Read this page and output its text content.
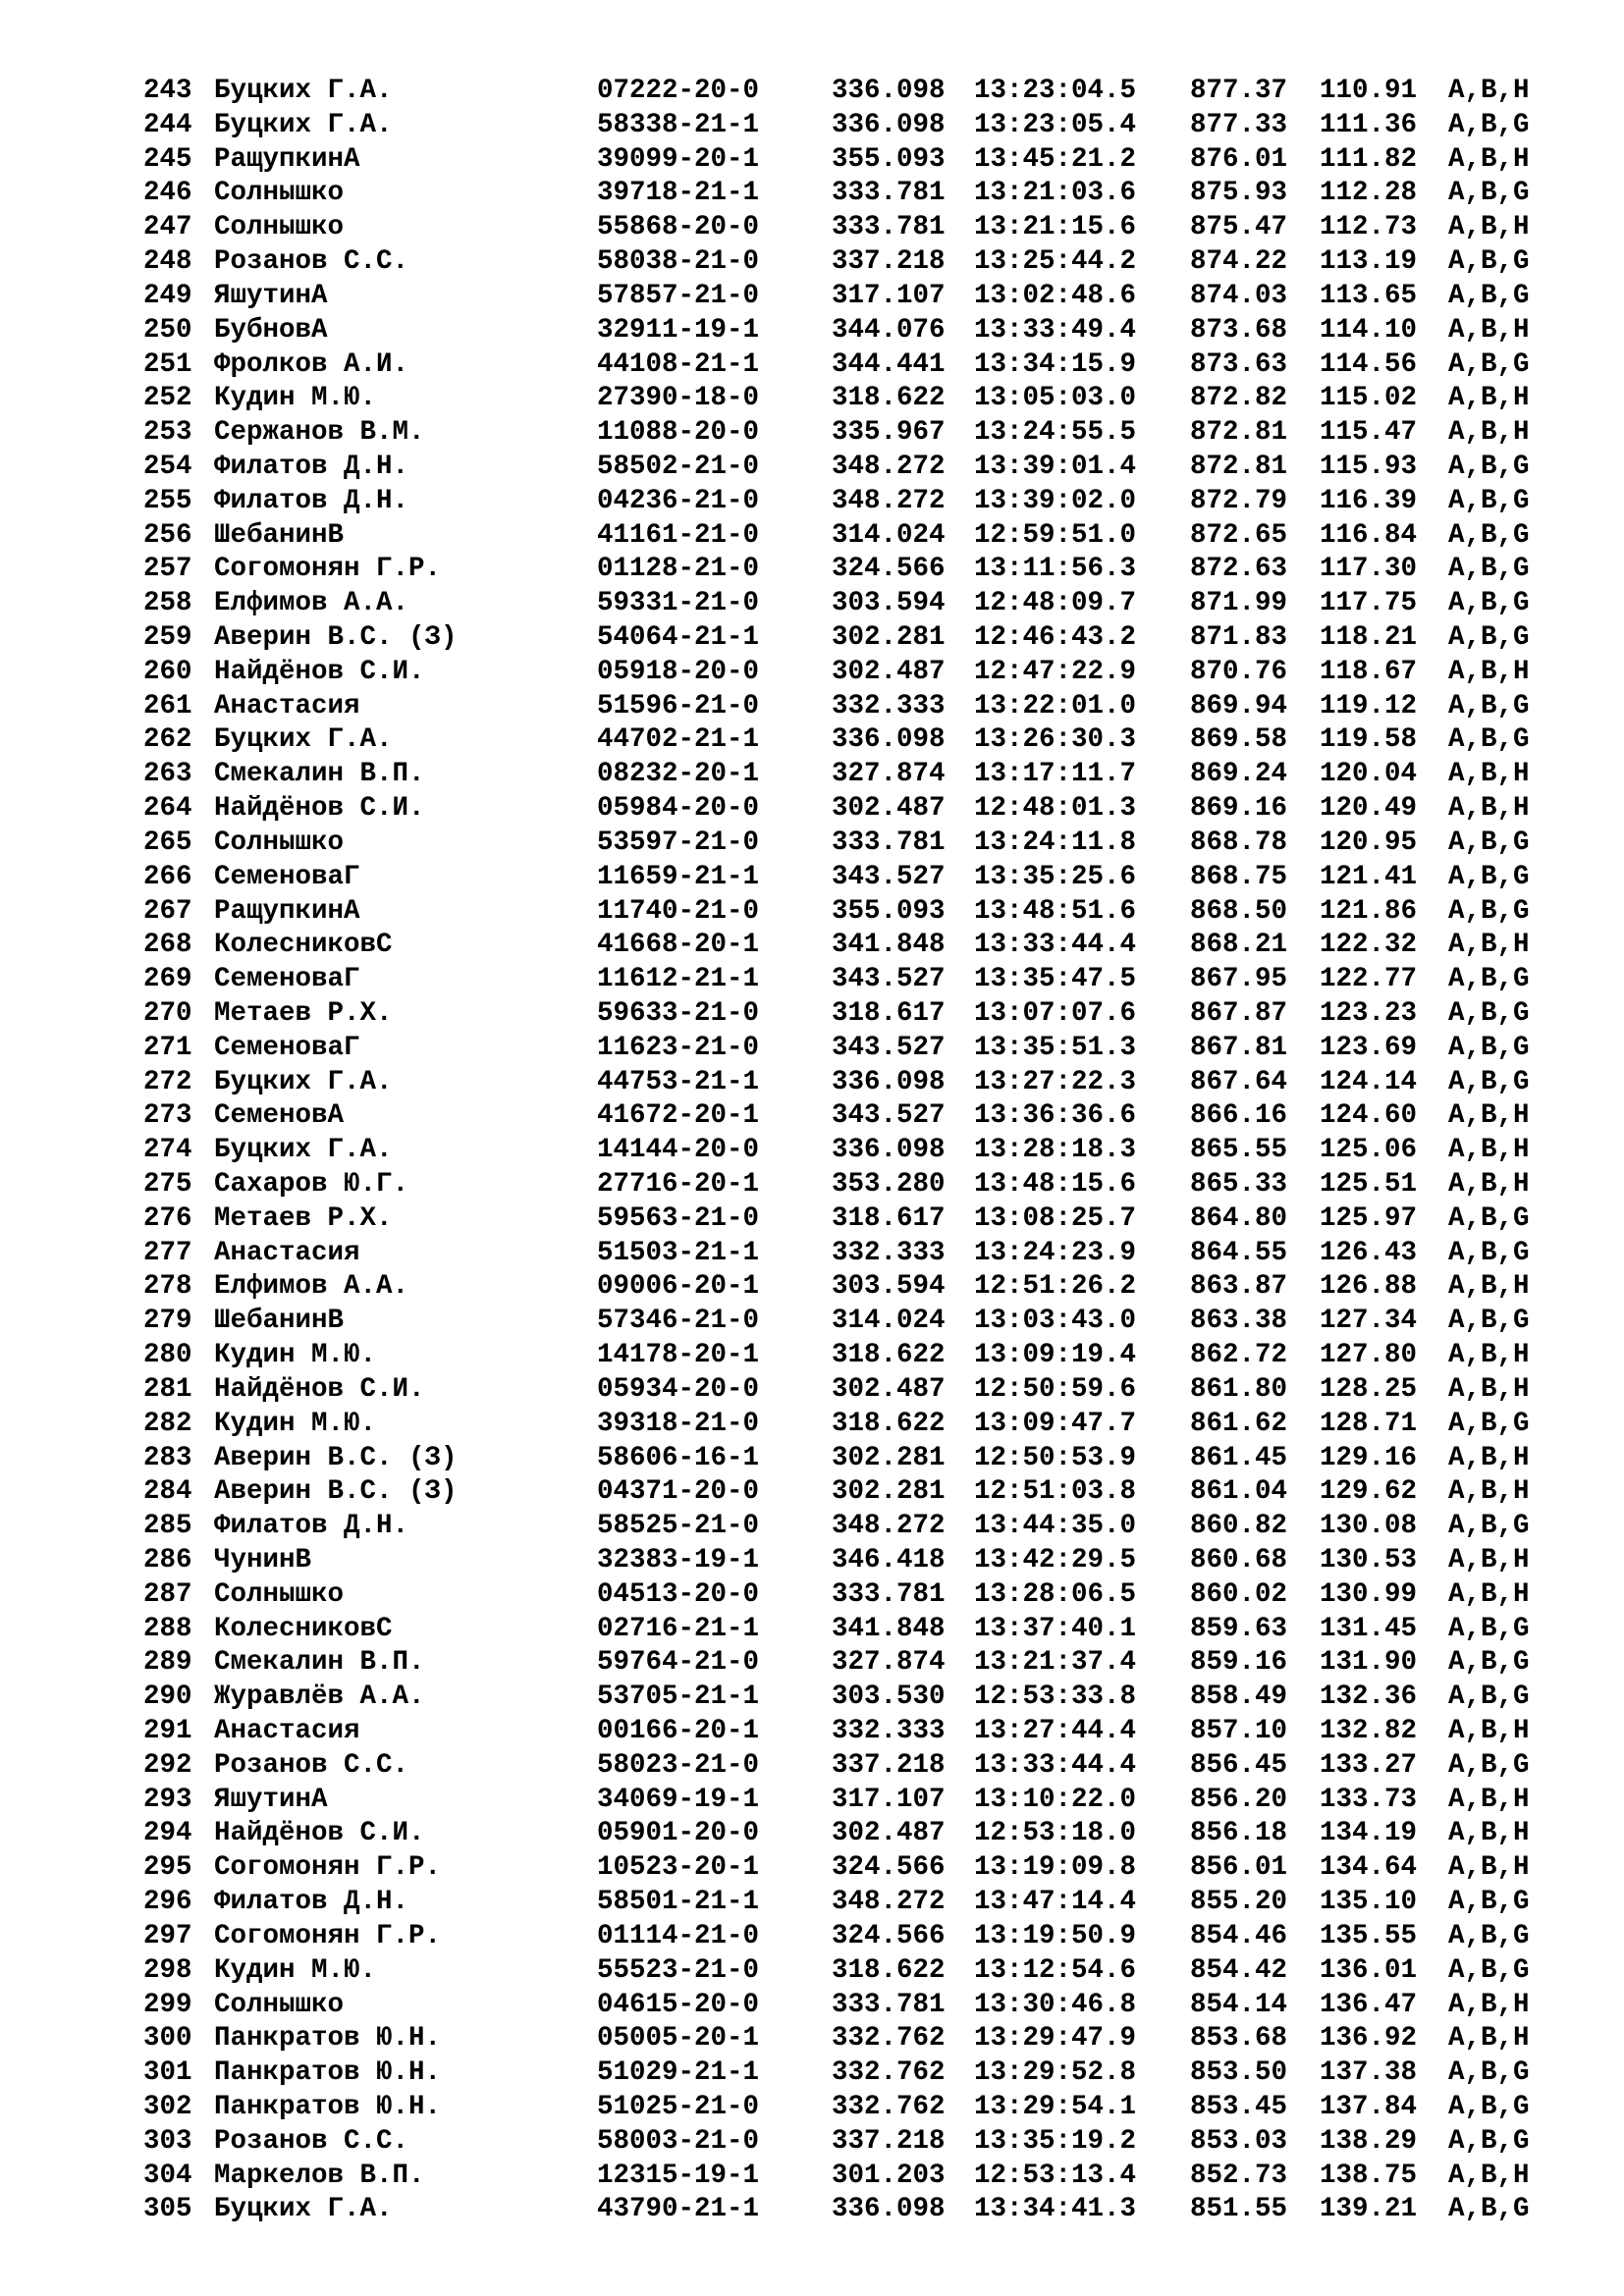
243 Буцких Г.А.	07222-20-0	336.098 13:23:04.5 877.37 110.91 A,B,H
244 Буцких Г.А.	58338-21-1	336.098 13:23:05.4 877.33 111.36 A,B,G
245 РащупкинА	39099-20-1	355.093 13:45:21.2 876.01 111.82 A,B,H
246 Солнышко	39718-21-1	333.781 13:21:03.6 875.93 112.28 A,B,G
247 Солнышко	55868-20-0	333.781 13:21:15.6 875.47 112.73 A,B,H
248 Розанов С.С.	58038-21-0	337.218 13:25:44.2 874.22 113.19 A,B,G
249 ЯшутинА	57857-21-0	317.107 13:02:48.6 874.03 113.65 A,B,G
250 БубновА	32911-19-1	344.076 13:33:49.4 873.68 114.10 A,B,H
251 Фролков А.И.	44108-21-1	344.441 13:34:15.9 873.63 114.56 A,B,G
252 Кудин М.Ю.	27390-18-0	318.622 13:05:03.0 872.82 115.02 A,B,H
253 Сержанов В.М.	11088-20-0	335.967 13:24:55.5 872.81 115.47 A,B,H
254 Филатов Д.Н.	58502-21-0	348.272 13:39:01.4 872.81 115.93 A,B,G
255 Филатов Д.Н.	04236-21-0	348.272 13:39:02.0 872.79 116.39 A,B,G
256 ШебанинВ	41161-21-0	314.024 12:59:51.0 872.65 116.84 A,B,G
257 Согомонян Г.Р.	01128-21-0	324.566 13:11:56.3 872.63 117.30 A,B,G
258 Елфимов А.А.	59331-21-0	303.594 12:48:09.7 871.99 117.75 A,B,G
259 Аверин В.С. (З)	54064-21-1	302.281 12:46:43.2 871.83 118.21 A,B,G
260 Найдёнов С.И.	05918-20-0	302.487 12:47:22.9 870.76 118.67 A,B,H
261 Анастасия	51596-21-0	332.333 13:22:01.0 869.94 119.12 A,B,G
262 Буцких Г.А.	44702-21-1	336.098 13:26:30.3 869.58 119.58 A,B,G
263 Смекалин В.П.	08232-20-1	327.874 13:17:11.7 869.24 120.04 A,B,H
264 Найдёнов С.И.	05984-20-0	302.487 12:48:01.3 869.16 120.49 A,B,H
265 Солнышко	53597-21-0	333.781 13:24:11.8 868.78 120.95 A,B,G
266 СеменоваГ	11659-21-1	343.527 13:35:25.6 868.75 121.41 A,B,G
267 РащупкинА	11740-21-0	355.093 13:48:51.6 868.50 121.86 A,B,G
268 КолесниковС	41668-20-1	341.848 13:33:44.4 868.21 122.32 A,B,H
269 СеменоваГ	11612-21-1	343.527 13:35:47.5 867.95 122.77 A,B,G
270 Метаев Р.Х.	59633-21-0	318.617 13:07:07.6 867.87 123.23 A,B,G
271 СеменоваГ	11623-21-0	343.527 13:35:51.3 867.81 123.69 A,B,G
272 Буцких Г.А.	44753-21-1	336.098 13:27:22.3 867.64 124.14 A,B,G
273 СеменовА	41672-20-1	343.527 13:36:36.6 866.16 124.60 A,B,H
274 Буцких Г.А.	14144-20-0	336.098 13:28:18.3 865.55 125.06 A,B,H
275 Сахаров Ю.Г.	27716-20-1	353.280 13:48:15.6 865.33 125.51 A,B,H
276 Метаев Р.Х.	59563-21-0	318.617 13:08:25.7 864.80 125.97 A,B,G
277 Анастасия	51503-21-1	332.333 13:24:23.9 864.55 126.43 A,B,G
278 Елфимов А.А.	09006-20-1	303.594 12:51:26.2 863.87 126.88 A,B,H
279 ШебанинВ	57346-21-0	314.024 13:03:43.0 863.38 127.34 A,B,G
280 Кудин М.Ю.	14178-20-1	318.622 13:09:19.4 862.72 127.80 A,B,H
281 Найдёнов С.И.	05934-20-0	302.487 12:50:59.6 861.80 128.25 A,B,H
282 Кудин М.Ю.	39318-21-0	318.622 13:09:47.7 861.62 128.71 A,B,G
283 Аверин В.С. (З)	58606-16-1	302.281 12:50:53.9 861.45 129.16 A,B,H
284 Аверин В.С. (З)	04371-20-0	302.281 12:51:03.8 861.04 129.62 A,B,H
285 Филатов Д.Н.	58525-21-0	348.272 13:44:35.0 860.82 130.08 A,B,G
286 ЧунинВ	32383-19-1	346.418 13:42:29.5 860.68 130.53 A,B,H
287 Солнышко	04513-20-0	333.781 13:28:06.5 860.02 130.99 A,B,H
288 КолесниковС	02716-21-1	341.848 13:37:40.1 859.63 131.45 A,B,G
289 Смекалин В.П.	59764-21-0	327.874 13:21:37.4 859.16 131.90 A,B,G
290 Журавлёв А.А.	53705-21-1	303.530 12:53:33.8 858.49 132.36 A,B,G
291 Анастасия	00166-20-1	332.333 13:27:44.4 857.10 132.82 A,B,H
292 Розанов С.С.	58023-21-0	337.218 13:33:44.4 856.45 133.27 A,B,G
293 ЯшутинА	34069-19-1	317.107 13:10:22.0 856.20 133.73 A,B,H
294 Найдёнов С.И.	05901-20-0	302.487 12:53:18.0 856.18 134.19 A,B,H
295 Согомонян Г.Р.	10523-20-1	324.566 13:19:09.8 856.01 134.64 A,B,H
296 Филатов Д.Н.	58501-21-1	348.272 13:47:14.4 855.20 135.10 A,B,G
297 Согомонян Г.Р.	01114-21-0	324.566 13:19:50.9 854.46 135.55 A,B,G
298 Кудин М.Ю.	55523-21-0	318.622 13:12:54.6 854.42 136.01 A,B,G
299 Солнышко	04615-20-0	333.781 13:30:46.8 854.14 136.47 A,B,H
300 Панкратов Ю.Н.	05005-20-1	332.762 13:29:47.9 853.68 136.92 A,B,H
301 Панкратов Ю.Н.	51029-21-1	332.762 13:29:52.8 853.50 137.38 A,B,G
302 Панкратов Ю.Н.	51025-21-0	332.762 13:29:54.1 853.45 137.84 A,B,G
303 Розанов С.С.	58003-21-0	337.218 13:35:19.2 853.03 138.29 A,B,G
304 Маркелов В.П.	12315-19-1	301.203 12:53:13.4 852.73 138.75 A,B,H
305 Буцких Г.А.	43790-21-1	336.098 13:34:41.3 851.55 139.21 A,B,G
